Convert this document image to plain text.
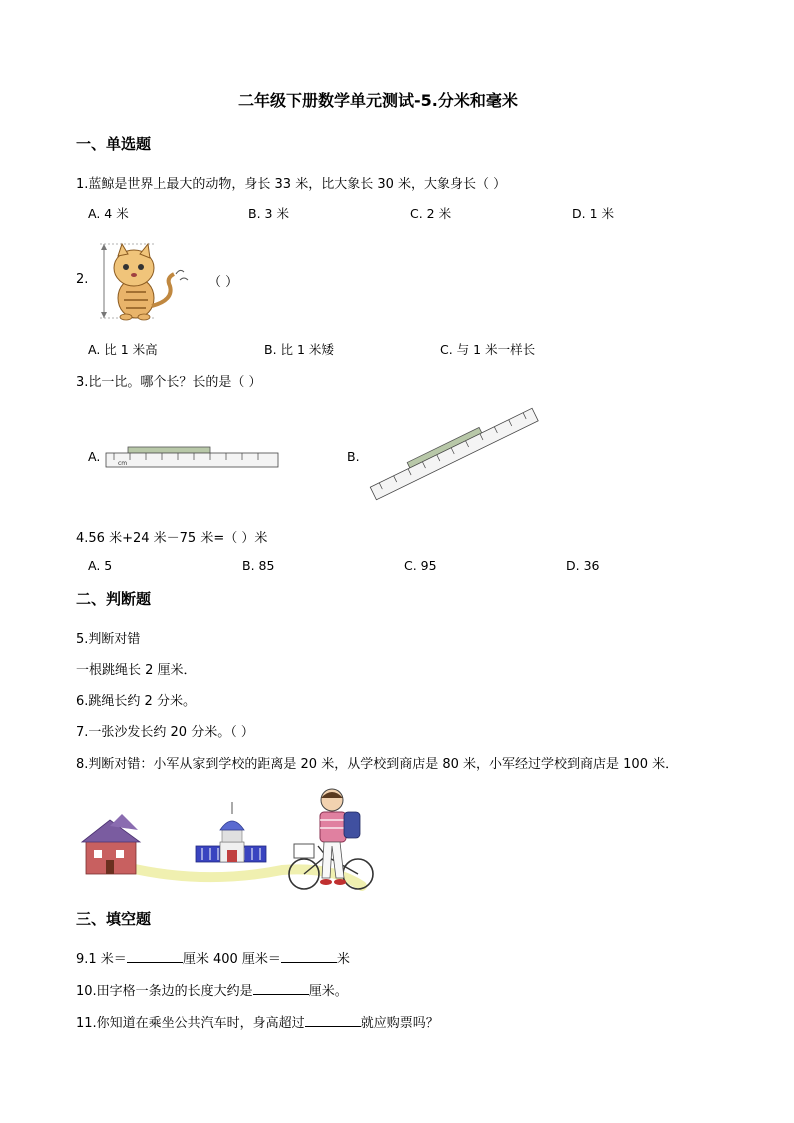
二年级下册数学单元测试-5.分米和毫米
一、单选题
1.蓝鲸是世界上最大的动物，身长 33 米，比大象长 30 米，大象身长（ ）
A. 4 米	B. 3 米	C. 2 米	D. 1 米
2.	（ ）
A. 比 1 米高	B. 比 1 米矮	C. 与 1 米一样长
3.比一比。哪个长？长的是（ ）
A.	cm	B.
4.56 米+24 米－75 米=（ ）米
A. 5	B. 85	C. 95	D. 36
二、判断题
5.判断对错
一根跳绳长 2 厘米．
6.跳绳长约 2 分米。
7.一张沙发长约 20 分米。（ ）
8.判断对错：小军从家到学校的距离是 20 米，从学校到商店是 80 米，小军经过学校到商店是 100 米．
三、填空题
9.1 米＝	厘米 400 厘米＝	米
10.田字格一条边的长度大约是	厘米。
11.你知道在乘坐公共汽车时，身高超过	就应购票吗？
